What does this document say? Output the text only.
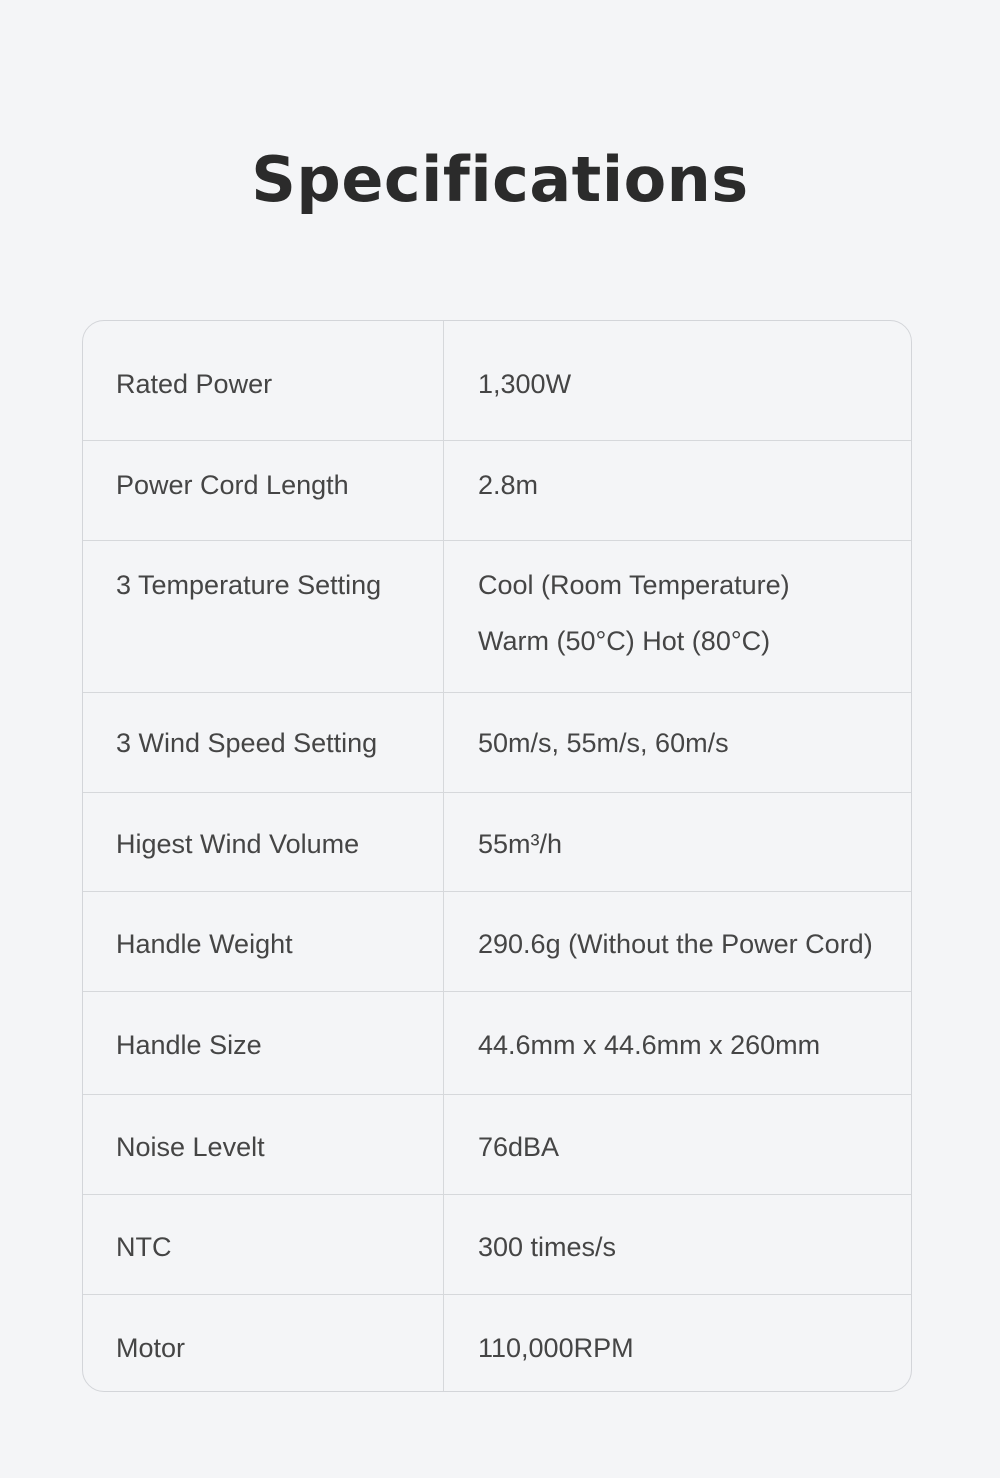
Specifications
Rated Power	1,300W
Power Cord Length	2.8m
3 Temperature Setting	Cool (Room Temperature)
Warm (50°C) Hot (80°C)
3 Wind Speed Setting	50m/s, 55m/s, 60m/s
Higest Wind Volume	55m³/h
Handle Weight	290.6g (Without the Power Cord)
Handle Size	44.6mm x 44.6mm x 260mm
Noise Levelt	76dBA
NTC	300 times/s
Motor	110,000RPM
